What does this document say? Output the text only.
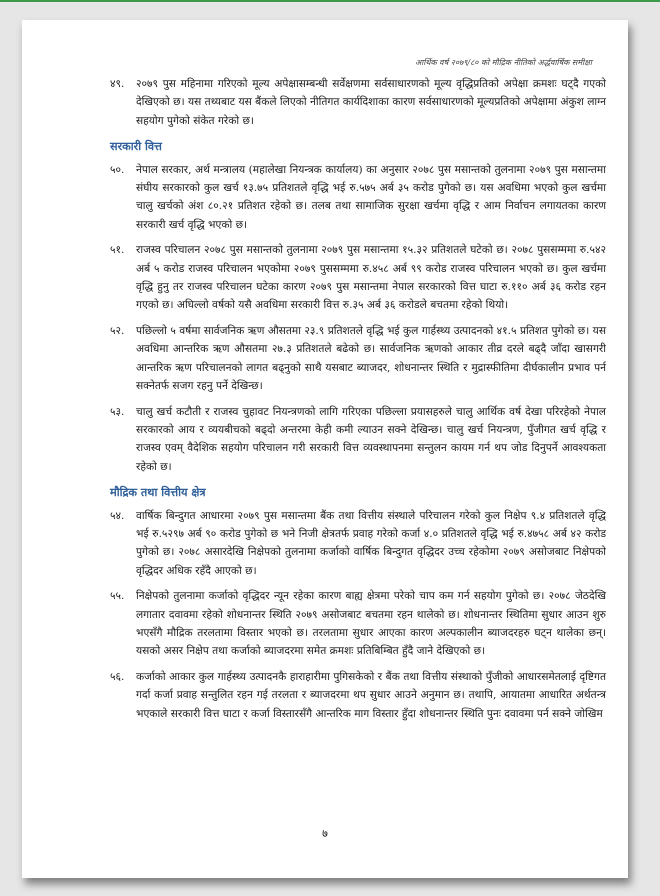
आर्थिक वर्ष २०७९/८० को मौद्रिक नीतिको अर्द्धवार्षिक समीक्षा
४९.	२०७९ पुस महिनामा गरिएको मूल्य अपेक्षासम्बन्धी सर्वेक्षणमा सर्वसाधारणको मूल्य वृद्धिप्रतिको अपेक्षा क्रमशः घट्दै गएको देखिएको छ। यस तथ्यबाट यस बैंकले लिएको नीतिगत कार्यदिशाका कारण सर्वसाधारणको मूल्यप्रतिको अपेक्षामा अंकुश लाग्न सहयोग पुगेको संकेत गरेको छ।
सरकारी वित्त
५०.	नेपाल सरकार, अर्थ मन्त्रालय (महालेखा नियन्त्रक कार्यालय) का अनुसार २०७८ पुस मसान्तको तुलनामा २०७९ पुस मसान्तमा संघीय सरकारको कुल खर्च १३.७५ प्रतिशतले वृद्धि भई रु.५७५ अर्ब ३५ करोड पुगेको छ। यस अवधिमा भएको कुल खर्चमा चालु खर्चको अंश ८०.२१ प्रतिशत रहेको छ। तलब तथा सामाजिक सुरक्षा खर्चमा वृद्धि र आम निर्वाचन लगायतका कारण सरकारी खर्च वृद्धि भएको छ।
५१.	राजस्व परिचालन २०७८ पुस मसान्तको तुलनामा २०७९ पुस मसान्तमा १५.३२ प्रतिशतले घटेको छ। २०७८ पुससम्ममा रु.५४२ अर्ब ५ करोड राजस्व परिचालन भएकोमा २०७९ पुससम्ममा रु.४५८ अर्ब ९९ करोड राजस्व परिचालन भएको छ। कुल खर्चमा वृद्धि हुनु तर राजस्व परिचालन घटेका कारण २०७९ पुस मसान्तमा नेपाल सरकारको वित्त घाटा रु.११० अर्ब ३६ करोड रहन गएको छ। अघिल्लो वर्षको यसै अवधिमा सरकारी वित्त रु.३५ अर्ब ३६ करोडले बचतमा रहेको थियो।
५२.	पछिल्लो ५ वर्षमा सार्वजनिक ऋण औसतमा २३.९ प्रतिशतले वृद्धि भई कुल गार्हस्थ्य उत्पादनको ४१.५ प्रतिशत पुगेको छ। यस अवधिमा आन्तरिक ऋण औसतमा २७.३ प्रतिशतले बढेको छ। सार्वजनिक ऋणको आकार तीव्र दरले बढ्दै जाँदा खासगरी आन्तरिक ऋण परिचालनको लागत बढ्नुको साथै यसबाट ब्याजदर, शोधनान्तर स्थिति र मुद्रास्फीतिमा दीर्घकालीन प्रभाव पर्न सक्नेतर्फ सजग रहनु पर्ने देखिन्छ।
५३.	चालु खर्च कटौती र राजस्व चुहावट नियन्त्रणको लागि गरिएका पछिल्ला प्रयासहरुले चालु आर्थिक वर्ष देखा परिरहेको नेपाल सरकारको आय र व्ययबीचको बढ्दो अन्तरमा केही कमी ल्याउन सक्ने देखिन्छ। चालु खर्च नियन्त्रण, पुँजीगत खर्च वृद्धि र राजस्व एवम् वैदेशिक सहयोग परिचालन गरी सरकारी वित्त व्यवस्थापनमा सन्तुलन कायम गर्न थप जोड दिनुपर्ने आवश्यकता रहेको छ।
मौद्रिक तथा वित्तीय क्षेत्र
५४.	वार्षिक बिन्दुगत आधारमा २०७९ पुस मसान्तमा बैंक तथा वित्तीय संस्थाले परिचालन गरेको कुल निक्षेप ९.४ प्रतिशतले वृद्धि भई रु.५२९७ अर्ब ९० करोड पुगेको छ भने निजी क्षेत्रतर्फ प्रवाह गरेको कर्जा ४.० प्रतिशतले वृद्धि भई रु.४७५८ अर्ब ४२ करोड पुगेको छ। २०७८ असारदेखि निक्षेपको तुलनामा कर्जाको वार्षिक बिन्दुगत वृद्धिदर उच्च रहेकोमा २०७९ असोजबाट निक्षेपको वृद्धिदर अधिक रहँदै आएको छ।
५५.	निक्षेपको तुलनामा कर्जाको वृद्धिदर न्यून रहेका कारण बाह्य क्षेत्रमा परेको चाप कम गर्न सहयोग पुगेको छ। २०७८ जेठदेखि लगातार दवावमा रहेको शोधनान्तर स्थिति २०७९ असोजबाट बचतमा रहन थालेको छ। शोधनान्तर स्थितिमा सुधार आउन शुरु भएसँगै मौद्रिक तरलतामा विस्तार भएको छ। तरलतामा सुधार आएका कारण अल्पकालीन ब्याजदरहरु घट्न थालेका छन्। यसको असर निक्षेप तथा कर्जाको ब्याजदरमा समेत क्रमशः प्रतिबिम्बित हुँदै जाने देखिएको छ।
५६.	कर्जाको आकार कुल गार्हस्थ्य उत्पादनकै हाराहारीमा पुगिसकेको र बैंक तथा वित्तीय संस्थाको पुँजीको आधारसमेतलाई दृष्टिगत गर्दा कर्जा प्रवाह सन्तुलित रहन गई तरलता र ब्याजदरमा थप सुधार आउने अनुमान छ। तथापि, आयातमा आधारित अर्थतन्त्र भएकाले सरकारी वित्त घाटा र कर्जा विस्तारसँगै आन्तरिक माग विस्तार हुँदा शोधनान्तर स्थिति पुनः दवावमा पर्न सक्ने जोखिम
७
